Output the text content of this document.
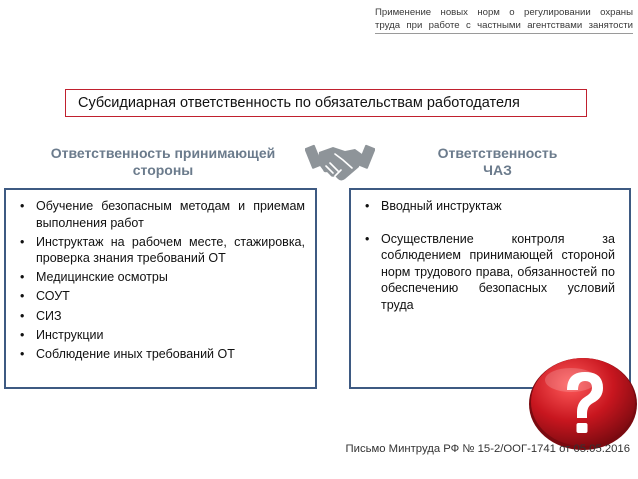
Применение новых норм о регулировании охраны
труда при работе с частными агентствами занятости
Субсидиарная ответственность по обязательствам работодателя
Ответственность принимающей
стороны
Ответственность
ЧАЗ
• Обучение безопасным методам и приемам выполнения работ
• Инструктаж на рабочем месте, стажировка, проверка знания требований ОТ
• Медицинские осмотры
• СОУТ
• СИЗ
• Инструкции
• Соблюдение иных требований ОТ
• Вводный инструктаж
• Осуществление контроля за соблюдением принимающей стороной норм трудового права, обязанностей по обеспечению безопасных условий труда
Письмо Минтруда РФ № 15-2/ООГ-1741 от 05.05.2016
